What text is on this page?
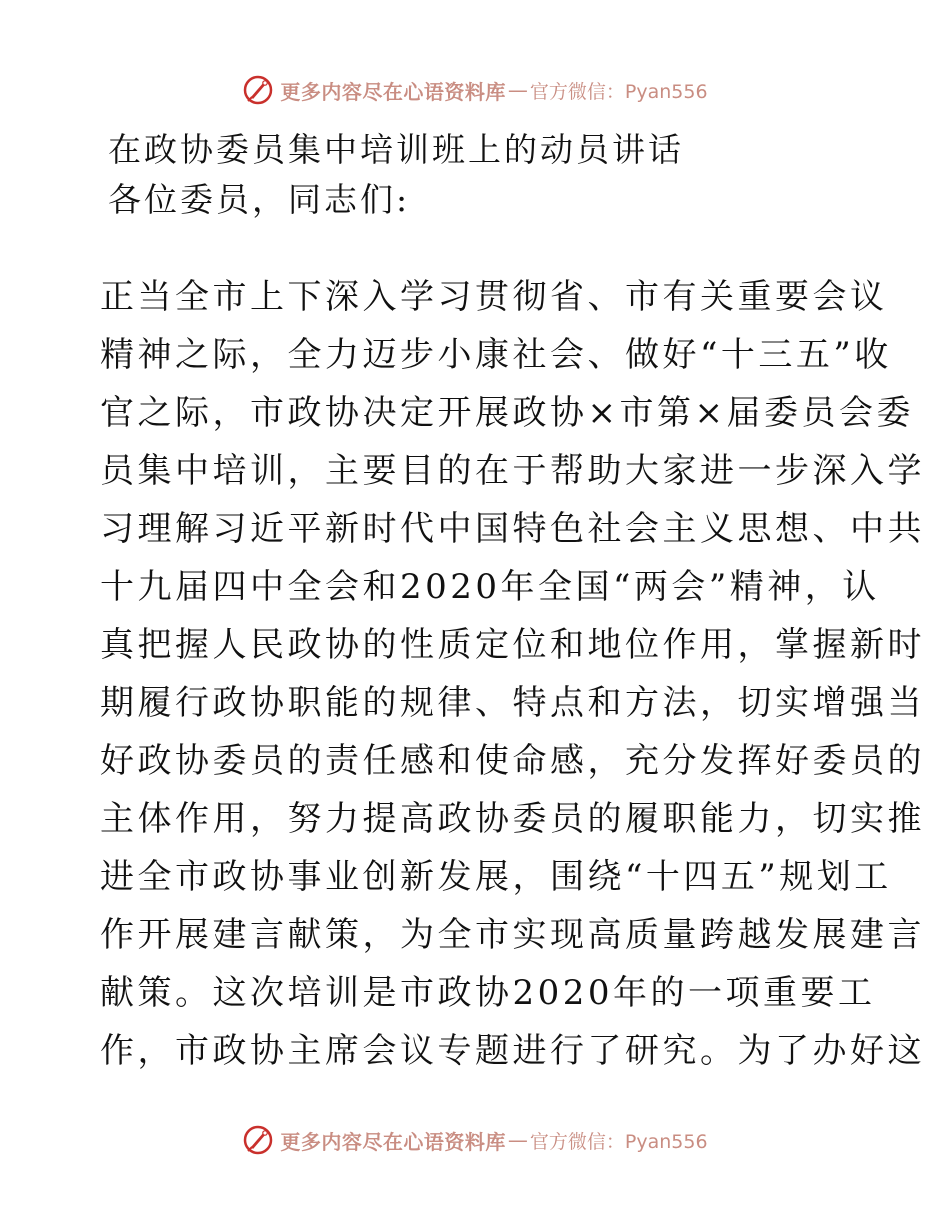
更多内容尽在心语资料库 — 官方微信：Pyan556
在政协委员集中培训班上的动员讲话
各位委员，同志们:
正当全市上下深入学习贯彻省、市有关重要会议
精神之际，全力迈步小康社会、做好“十三五”收
官之际，市政协决定开展政协×市第×届委员会委
员集中培训，主要目的在于帮助大家进一步深入学
习理解习近平新时代中国特色社会主义思想、中共
十九届四中全会和2020年全国“两会”精神，认
真把握人民政协的性质定位和地位作用，掌握新时
期履行政协职能的规律、特点和方法，切实增强当
好政协委员的责任感和使命感，充分发挥好委员的
主体作用，努力提高政协委员的履职能力，切实推
进全市政协事业创新发展，围绕“十四五”规划工
作开展建言献策，为全市实现高质量跨越发展建言
献策。这次培训是市政协2020年的一项重要工
作，市政协主席会议专题进行了研究。为了办好这
更多内容尽在心语资料库 — 官方微信：Pyan556
